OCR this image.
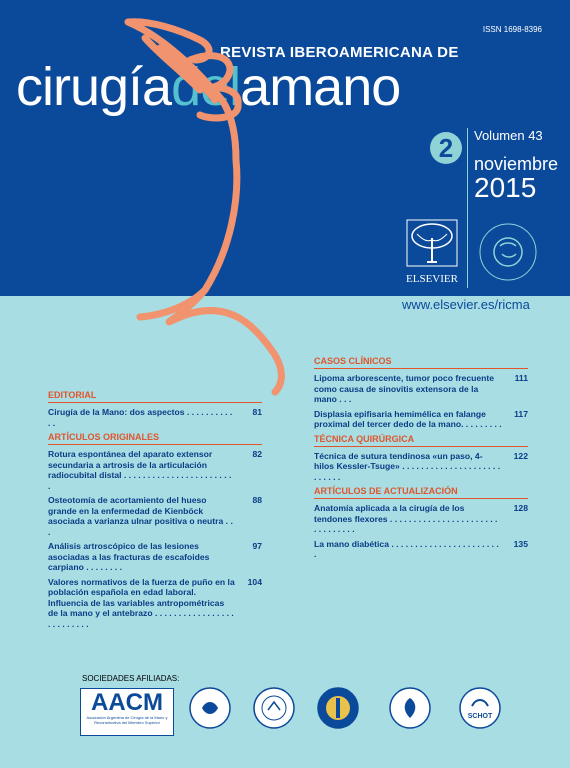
ISSN 1698-8396
REVISTA IBEROAMERICANA DE
cirugíadelamano
2	Volumen 43
noviembre
2015
ELSEVIER
www.elsevier.es/ricma
EDITORIAL
Cirugía de la Mano: dos aspectos . . . . . . . . . . . .
81
ARTÍCULOS ORIGINALES
Rotura espontánea del aparato extensor secundaria a artrosis de la articulación radiocubital distal . . . . . . . . . . . . . . . . . . . . . . . .
82
Osteotomía de acortamiento del hueso grande en la enfermedad de Kienböck asociada a varianza ulnar positiva o neutra . . .
88
Análisis artroscópico de las lesiones asociadas a las fracturas de escafoides carpiano . . . . . . . .
97
Valores normativos de la fuerza de puño en la población española en edad laboral. Influencia de las variables antropométricas de la mano y el antebrazo . . . . . . . . . . . . . . . . . . . . . . . . . .
104
CASOS CLÍNICOS
Lipoma arborescente, tumor poco frecuente como causa de sinovitis extensora de la mano . . .
111
Displasia epifisaria hemimélica en falange proximal del tercer dedo de la mano. . . . . . . . .
117
TÉCNICA QUIRÚRGICA
Técnica de sutura tendinosa «un paso, 4-hilos Kessler-Tsuge» . . . . . . . . . . . . . . . . . . . . . . . . . . .
122
ARTÍCULOS DE ACTUALIZACIÓN
Anatomía aplicada a la cirugía de los tendones flexores . . . . . . . . . . . . . . . . . . . . . . . . . . . . . . . .
128
La mano diabética . . . . . . . . . . . . . . . . . . . . . . . .
135
SOCIEDADES AFILIADAS:
AACM
Asociación Argentina de Cirugía de la Mano y Reconstructiva del Miembro Superior
SCHOT
